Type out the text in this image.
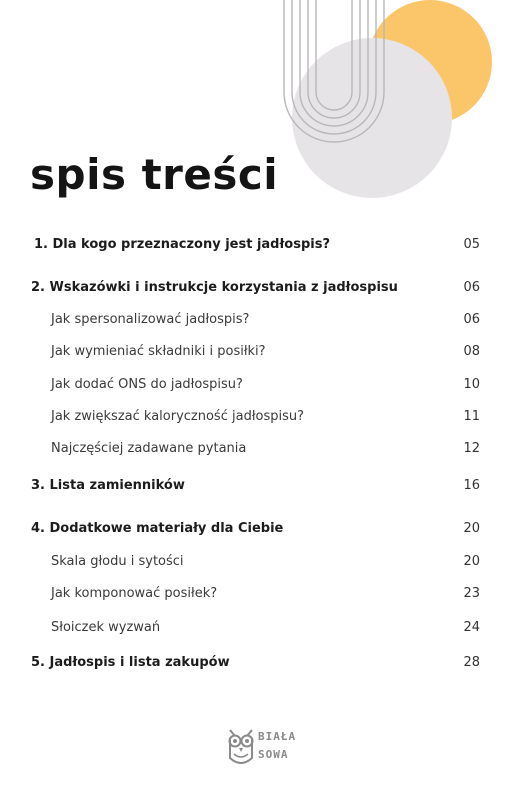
spis treści
1. Dla kogo przeznaczony jest jadłospis?	05
2. Wskazówki i instrukcje korzystania z jadłospisu	06
Jak spersonalizować jadłospis?	06
Jak wymieniać składniki i posiłki?	08
Jak dodać ONS do jadłospisu?	10
Jak zwiększać kaloryczność jadłospisu?	11
Najczęściej zadawane pytania	12
3. Lista zamienników	16
4. Dodatkowe materiały dla Ciebie	20
Skala głodu i sytości	20
Jak komponować posiłek?	23
Słoiczek wyzwań	24
5. Jadłospis i lista zakupów	28
BIAŁA
SOWA
